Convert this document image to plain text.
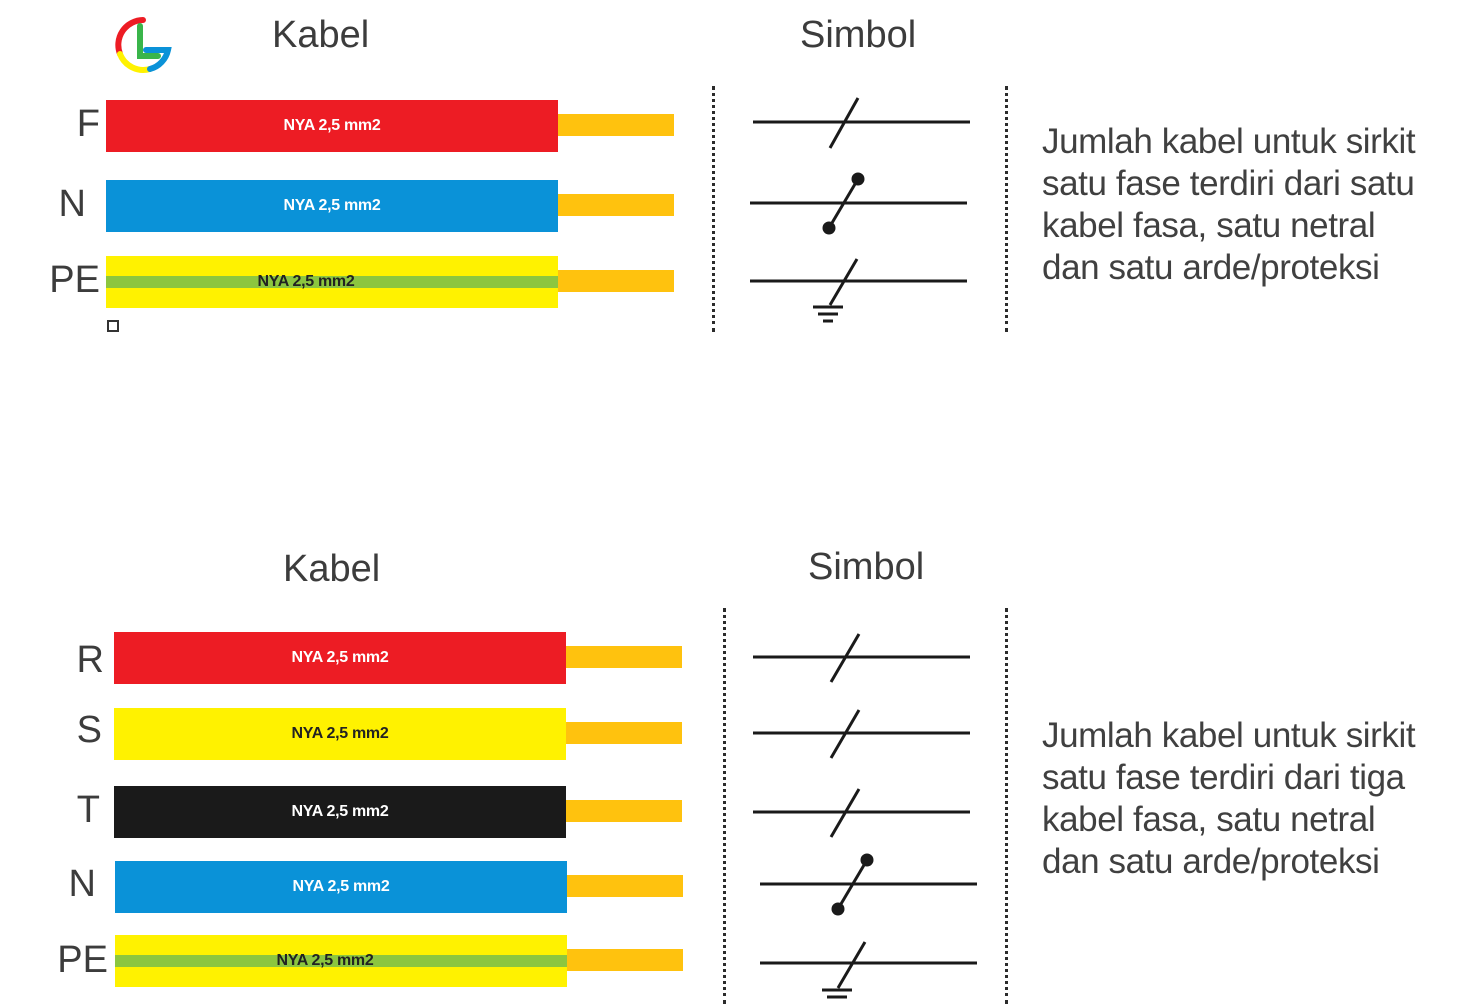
Kabel	Simbol
F	NYA 2,5 mm2
N	NYA 2,5 mm2
PE	NYA 2,5 mm2
Jumlah kabel untuk sirkit
satu fase terdiri dari satu
kabel fasa, satu netral
dan satu arde/proteksi
Kabel	Simbol
R	NYA 2,5 mm2
S	NYA 2,5 mm2
T	NYA 2,5 mm2
N	NYA 2,5 mm2
PE	NYA 2,5 mm2
Jumlah kabel untuk sirkit
satu fase terdiri dari tiga
kabel fasa, satu netral
dan satu arde/proteksi
